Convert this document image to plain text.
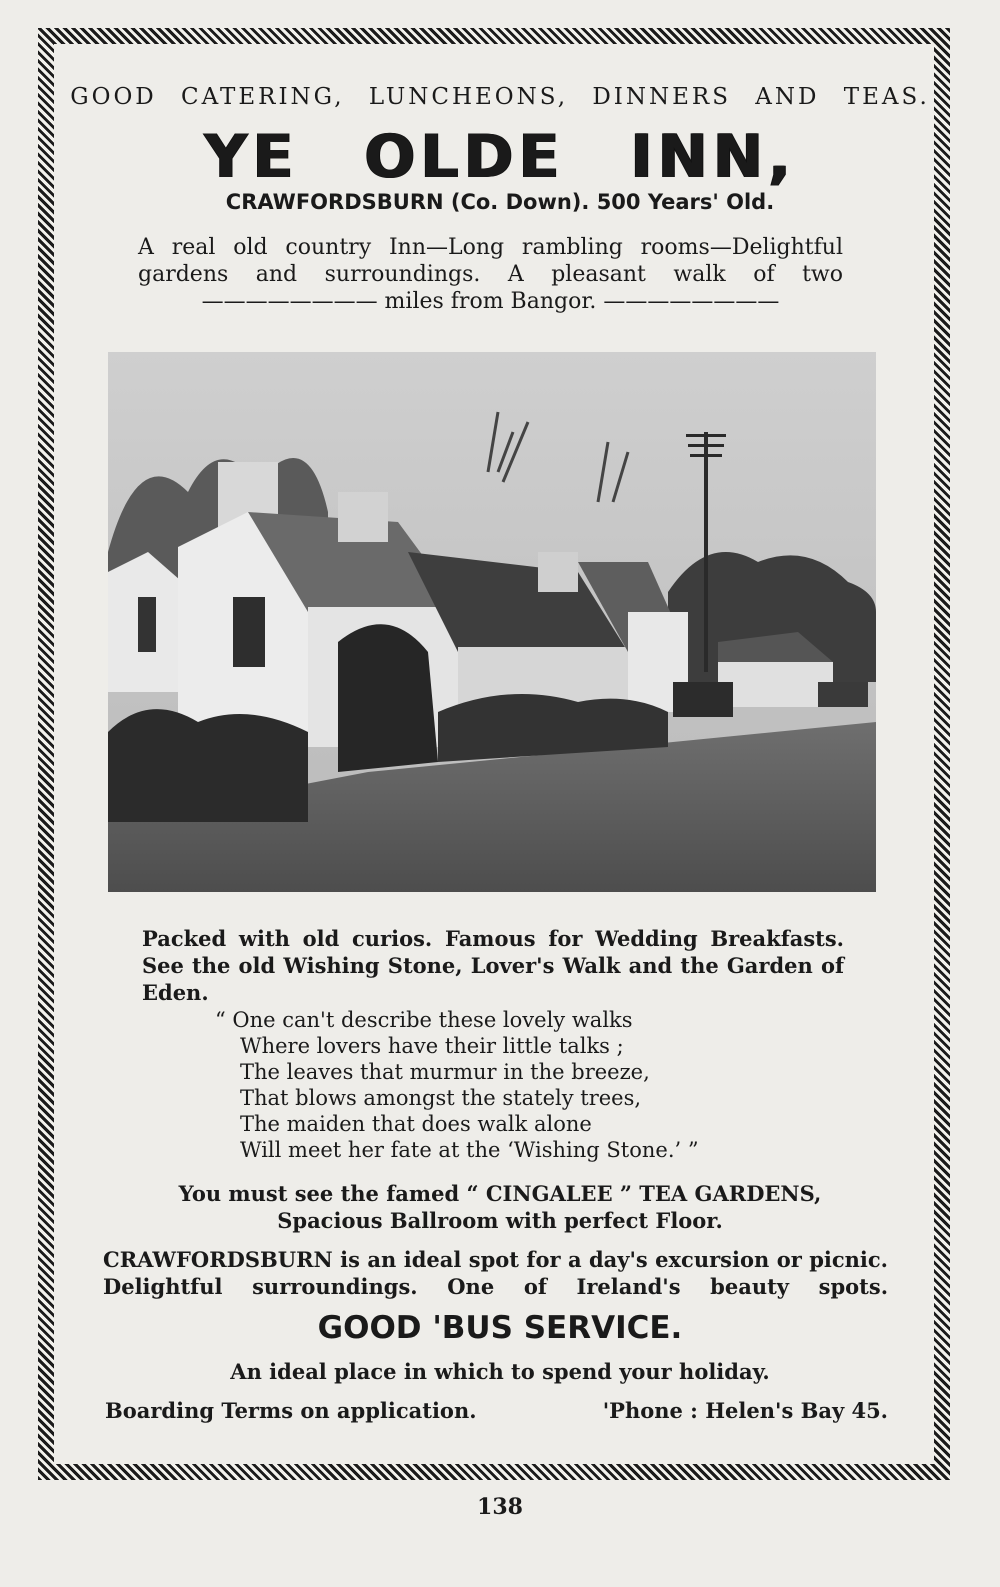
GOOD CATERING, LUNCHEONS, DINNERS AND TEAS.
YE OLDE INN,
CRAWFORDSBURN (Co. Down). 500 Years' Old.
A real old country Inn—Long rambling rooms—Delightful gardens and surroundings. A pleasant walk of two ———————— miles from Bangor. ————————
Packed with old curios. Famous for Wedding Breakfasts. See the old Wishing Stone, Lover's Walk and the Garden of Eden.
“ One can't describe these lovely walks
Where lovers have their little talks ;
The leaves that murmur in the breeze,
That blows amongst the stately trees,
The maiden that does walk alone
Will meet her fate at the ‘Wishing Stone.’ ”
You must see the famed “ CINGALEE ” TEA GARDENS,
Spacious Ballroom with perfect Floor.
CRAWFORDSBURN is an ideal spot for a day's excursion or picnic. Delightful surroundings. One of Ireland's beauty spots.
GOOD 'BUS SERVICE.
An ideal place in which to spend your holiday.
Boarding Terms on application.	'Phone : Helen's Bay 45.
138
